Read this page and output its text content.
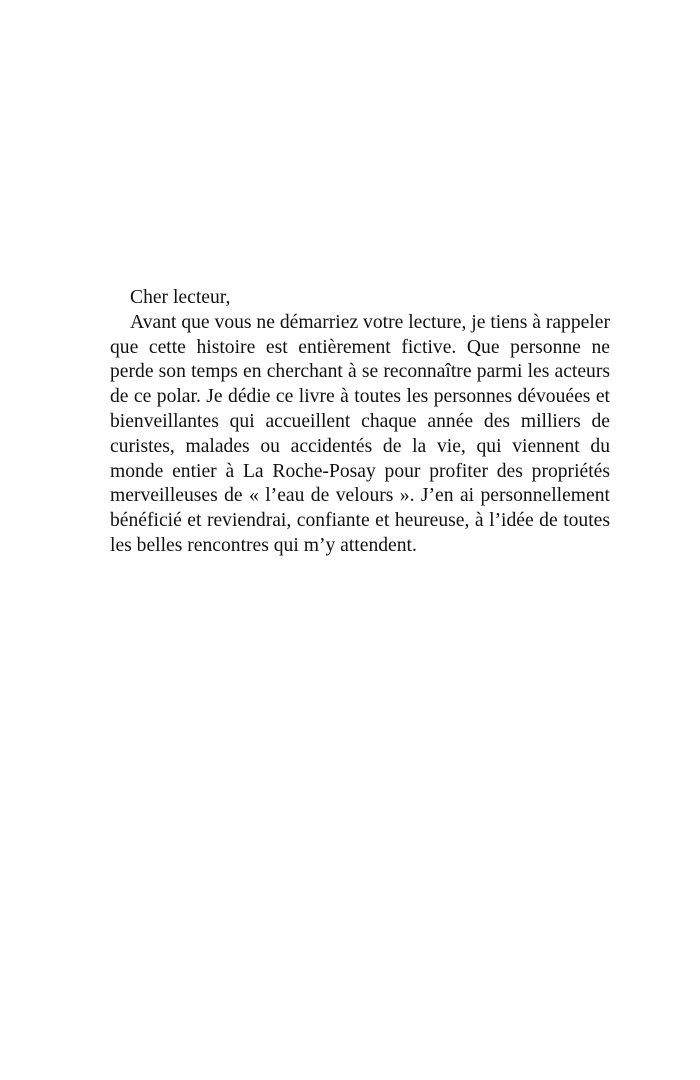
Cher lecteur,

Avant que vous ne démarriez votre lecture, je tiens à rappeler que cette histoire est entièrement fictive. Que personne ne perde son temps en cherchant à se reconnaître parmi les acteurs de ce polar. Je dédie ce livre à toutes les personnes dévouées et bienveillantes qui accueillent chaque année des milliers de curistes, malades ou accidentés de la vie, qui viennent du monde entier à La Roche-Posay pour profiter des propriétés merveilleuses de « l’eau de velours ». J’en ai personnellement bénéficié et reviendrai, confiante et heureuse, à l’idée de toutes les belles rencontres qui m’y attendent.
